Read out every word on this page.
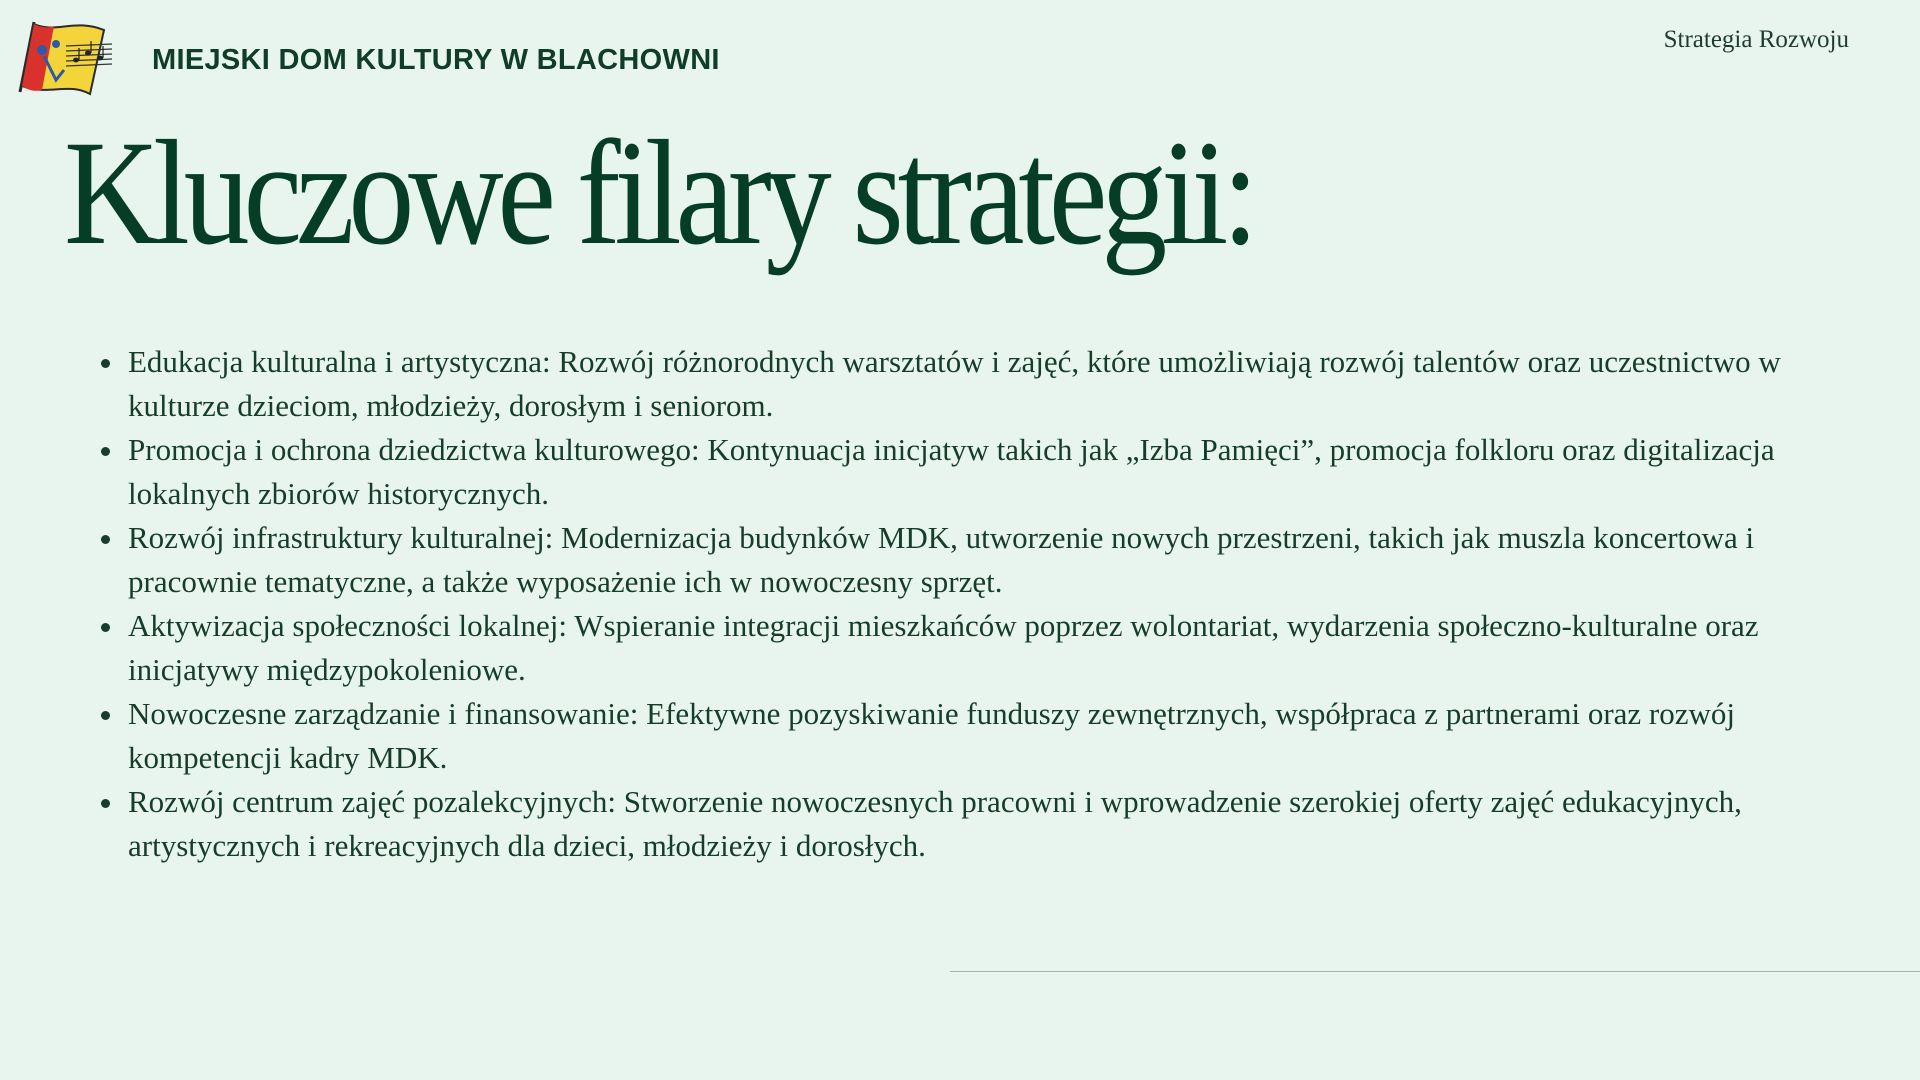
MIEJSKI DOM KULTURY W BLACHOWNI
Strategia Rozwoju
Kluczowe filary strategii:
• Edukacja kulturalna i artystyczna: Rozwój różnorodnych warsztatów i zajęć, które umożliwiają rozwój talentów oraz uczestnictwo w kulturze dzieciom, młodzieży, dorosłym i seniorom.
• Promocja i ochrona dziedzictwa kulturowego: Kontynuacja inicjatyw takich jak „Izba Pamięci”, promocja folkloru oraz digitalizacja lokalnych zbiorów historycznych.
• Rozwój infrastruktury kulturalnej: Modernizacja budynków MDK, utworzenie nowych przestrzeni, takich jak muszla koncertowa i pracownie tematyczne, a także wyposażenie ich w nowoczesny sprzęt.
• Aktywizacja społeczności lokalnej: Wspieranie integracji mieszkańców poprzez wolontariat, wydarzenia społeczno-kulturalne oraz inicjatywy międzypokoleniowe.
• Nowoczesne zarządzanie i finansowanie: Efektywne pozyskiwanie funduszy zewnętrznych, współpraca z partnerami oraz rozwój kompetencji kadry MDK.
• Rozwój centrum zajęć pozalekcyjnych: Stworzenie nowoczesnych pracowni i wprowadzenie szerokiej oferty zajęć edukacyjnych, artystycznych i rekreacyjnych dla dzieci, młodzieży i dorosłych.
